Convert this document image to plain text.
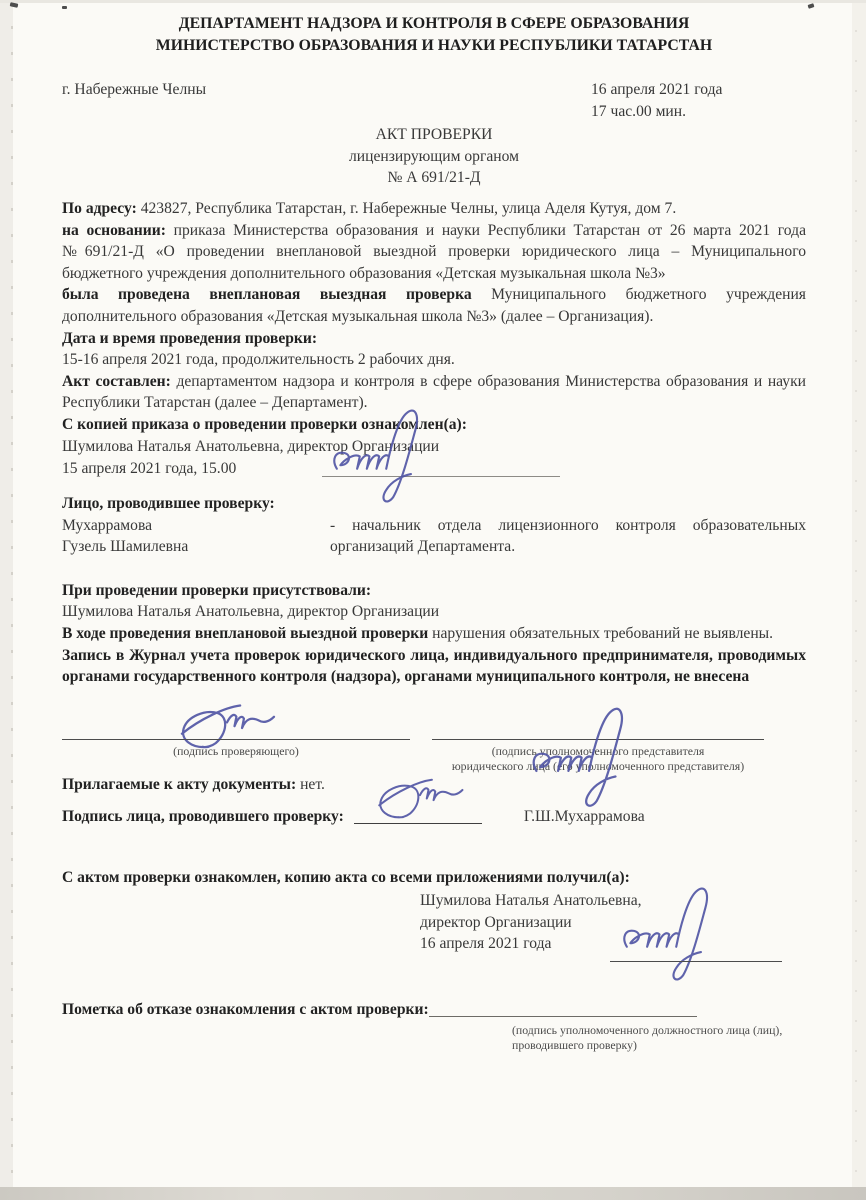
ДЕПАРТАМЕНТ НАДЗОРА И КОНТРОЛЯ В СФЕРЕ ОБРАЗОВАНИЯ
МИНИСТЕРСТВО ОБРАЗОВАНИЯ И НАУКИ РЕСПУБЛИКИ ТАТАРСТАН
г. Набережные Челны	16 апреля 2021 года
17 час.00 мин.
АКТ ПРОВЕРКИ
лицензирующим органом
№ А 691/21-Д

По адресу: 423827, Республика Татарстан, г. Набережные Челны, улица Аделя Кутуя, дом 7.

на основании: приказа Министерства образования и науки Республики Татарстан от 26 марта 2021 года №691/21-Д «О проведении внеплановой выездной проверки юридического лица – Муниципального бюджетного учреждения дополнительного образования «Детская музыкальная школа №3»

была проведена внеплановая выездная проверка Муниципального бюджетного учреждения дополнительного образования «Детская музыкальная школа №3» (далее – Организация).

Дата и время проведения проверки:

15-16 апреля 2021 года, продолжительность 2 рабочих дня.

Акт составлен: департаментом надзора и контроля в сфере образования Министерства образования и науки Республики Татарстан (далее – Департамент).

С копией приказа о проведении проверки ознакомлен(а):

Шумилова Наталья Анатольевна, директор Организации

15 апреля 2021 года, 15.00
Лицо, проводившее проверку:
Мухаррамова
Гузель Шамилевна
- начальник отдела лицензионного контроля образовательных организаций Департамента.
При проведении проверки присутствовали:
Шумилова Наталья Анатольевна, директор Организации

В ходе проведения внеплановой выездной проверки нарушения обязательных требований не выявлены.

Запись в Журнал учета проверок юридического лица, индивидуального предпринимателя, проводимых органами государственного контроля (надзора), органами муниципального контроля, не внесена

(подпись проверяющего)	(подпись уполномоченного представителя
юридического лица (его уполномоченного представителя)

Прилагаемые к акту документы: нет.

Подпись лица, проводившего проверку:	Г.Ш.Мухаррамова
С актом проверки ознакомлен, копию акта со всеми приложениями получил(а):
Шумилова Наталья Анатольевна,
директор Организации
16 апреля 2021 года
Пометка об отказе ознакомления с актом проверки:
(подпись уполномоченного должностного лица (лиц),
проводившего проверку)
